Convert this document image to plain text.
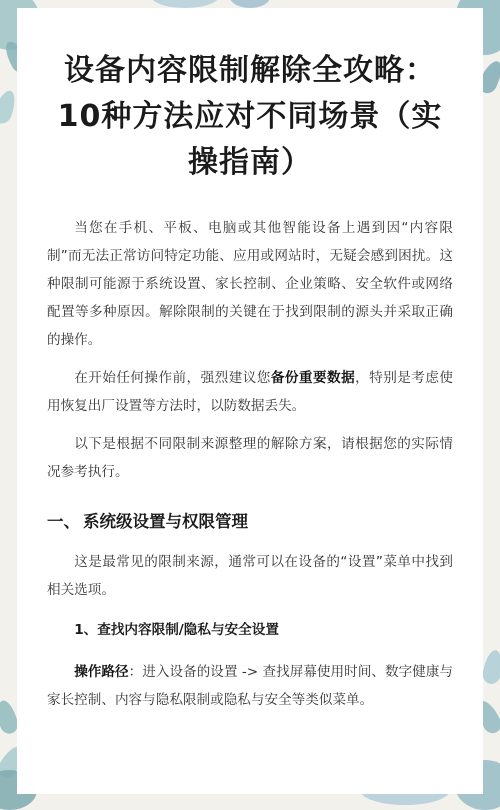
设备内容限制解除全攻略：10种方法应对不同场景（实操指南）

当您在手机、平板、电脑或其他智能设备上遇到因“内容限制”而无法正常访问特定功能、应用或网站时，无疑会感到困扰。这种限制可能源于系统设置、家长控制、企业策略、安全软件或网络配置等多种原因。解除限制的关键在于找到限制的源头并采取正确的操作。

在开始任何操作前，强烈建议您备份重要数据，特别是考虑使用恢复出厂设置等方法时，以防数据丢失。

以下是根据不同限制来源整理的解除方案，请根据您的实际情况参考执行。

一、 系统级设置与权限管理

这是最常见的限制来源，通常可以在设备的“设置”菜单中找到相关选项。

1、查找内容限制/隐私与安全设置

操作路径：进入设备的设置 -> 查找屏幕使用时间、数字健康与家长控制、内容与隐私限制或隐私与安全等类似菜单。
